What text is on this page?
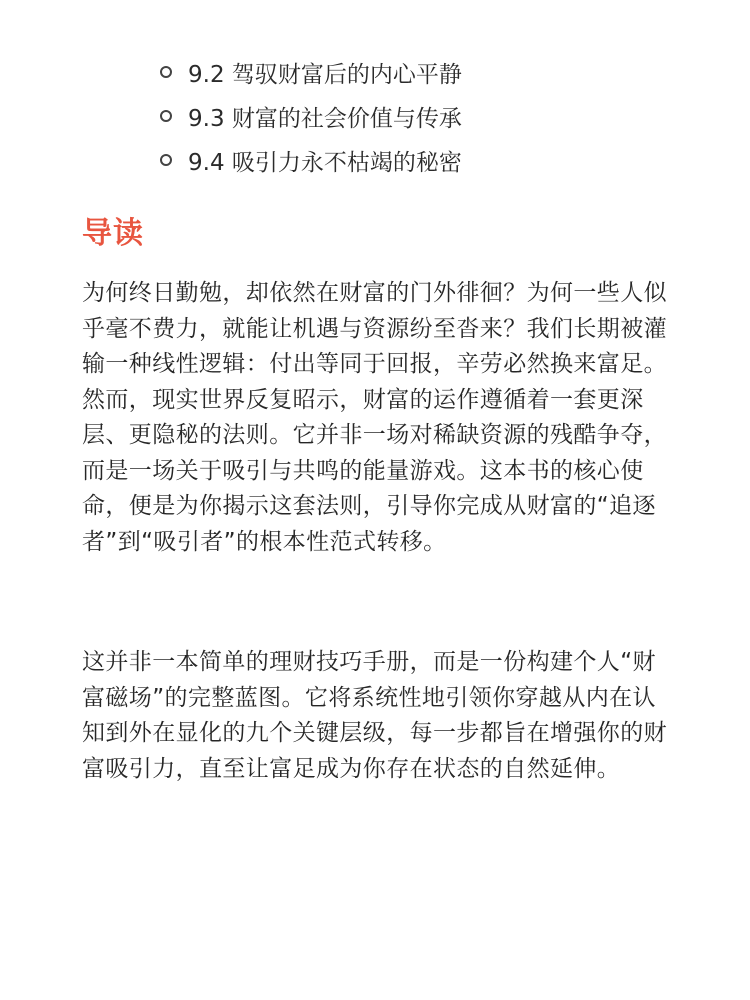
9.2 驾驭财富后的内心平静
9.3 财富的社会价值与传承
9.4 吸引力永不枯竭的秘密
导读

为何终日勤勉，却依然在财富的门外徘徊？为何一些人似乎毫不费力，就能让机遇与资源纷至沓来？我们长期被灌输一种线性逻辑：付出等同于回报，辛劳必然换来富足。然而，现实世界反复昭示，财富的运作遵循着一套更深层、更隐秘的法则。它并非一场对稀缺资源的残酷争夺，而是一场关于吸引与共鸣的能量游戏。这本书的核心使命，便是为你揭示这套法则，引导你完成从财富的“追逐者”到“吸引者”的根本性范式转移。

这并非一本简单的理财技巧手册，而是一份构建个人“财富磁场”的完整蓝图。它将系统性地引领你穿越从内在认知到外在显化的九个关键层级，每一步都旨在增强你的财富吸引力，直至让富足成为你存在状态的自然延伸。
